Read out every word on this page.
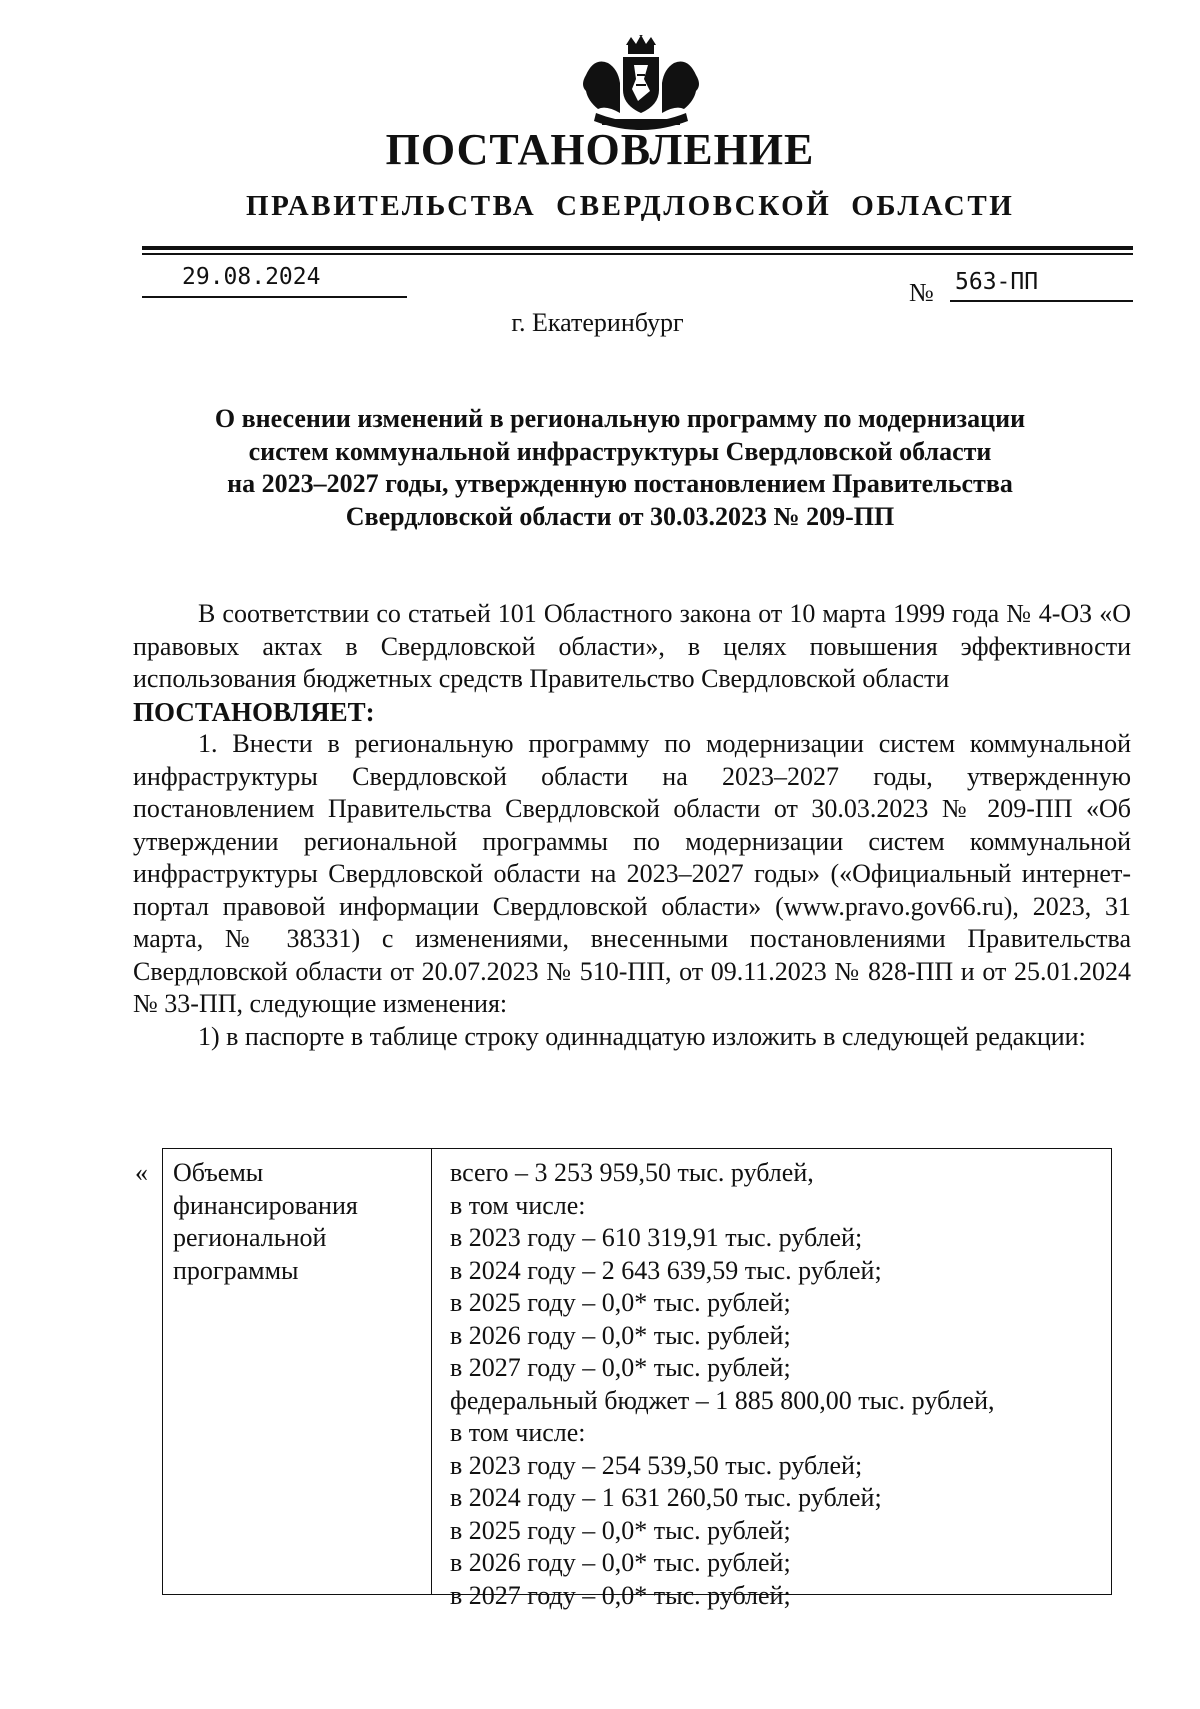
ПОСТАНОВЛЕНИЕ
ПРАВИТЕЛЬСТВА СВЕРДЛОВСКОЙ ОБЛАСТИ
29.08.2024
№ 563-ПП
г. Екатеринбург
О внесении изменений в региональную программу по модернизации
систем коммунальной инфраструктуры Свердловской области
на 2023–2027 годы, утвержденную постановлением Правительства
Свердловской области от 30.03.2023 № 209-ПП

В соответствии со статьей 101 Областного закона от 10 марта 1999 года № 4-ОЗ «О правовых актах в Свердловской области», в целях повышения эффективности использования бюджетных средств Правительство Свердловской области

ПОСТАНОВЛЯЕТ:

1. Внести в региональную программу по модернизации систем коммунальной инфраструктуры Свердловской области на 2023–2027 годы, утвержденную постановлением Правительства Свердловской области от 30.03.2023 № 209-ПП «Об утверждении региональной программы по модернизации систем коммунальной инфраструктуры Свердловской области на 2023–2027 годы» («Официальный интернет-портал правовой информации Свердловской области» (www.pravo.gov66.ru), 2023, 31 марта, № 38331) с изменениями, внесенными постановлениями Правительства Свердловской области от 20.07.2023 № 510-ПП, от 09.11.2023 № 828-ПП и от 25.01.2024 № 33-ПП, следующие изменения:

1) в паспорте в таблице строку одиннадцатую изложить в следующей редакции:

« Объемы
финансирования
региональной
программы
всего – 3 253 959,50 тыс. рублей,
в том числе:
в 2023 году – 610 319,91 тыс. рублей;
в 2024 году – 2 643 639,59 тыс. рублей;
в 2025 году – 0,0* тыс. рублей;
в 2026 году – 0,0* тыс. рублей;
в 2027 году – 0,0* тыс. рублей;
федеральный бюджет – 1 885 800,00 тыс. рублей,
в том числе:
в 2023 году – 254 539,50 тыс. рублей;
в 2024 году – 1 631 260,50 тыс. рублей;
в 2025 году – 0,0* тыс. рублей;
в 2026 году – 0,0* тыс. рублей;
в 2027 году – 0,0* тыс. рублей;
